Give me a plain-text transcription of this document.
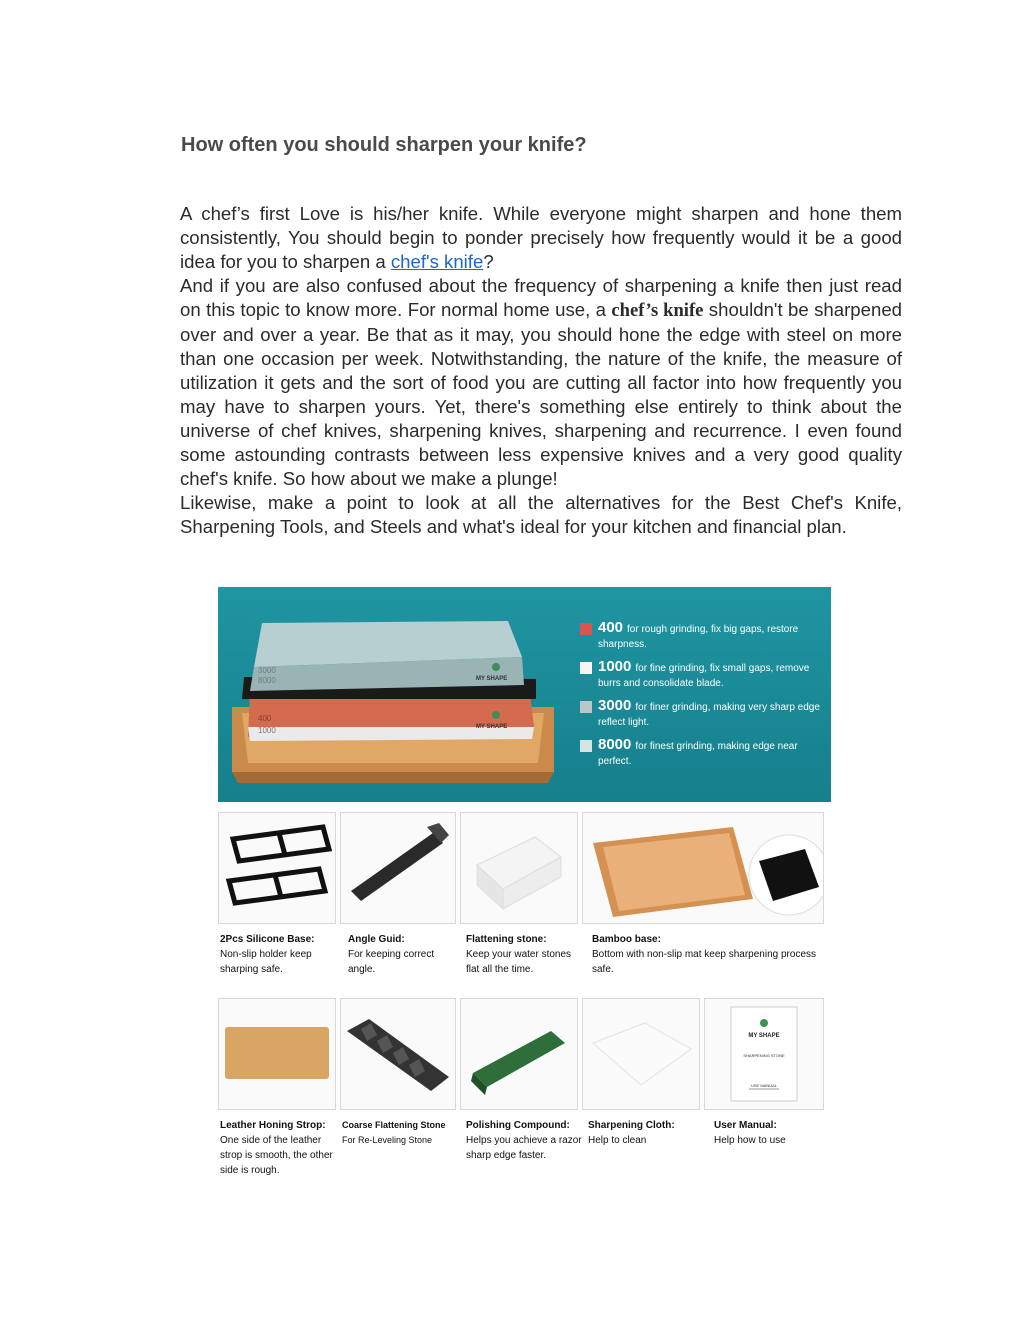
How often you should sharpen your knife?

A chef’s first Love is his/her knife. While everyone might sharpen and hone them consistently, You should begin to ponder precisely how frequently would it be a good idea for you to sharpen a chef's knife?

And if you are also confused about the frequency of sharpening a knife then just read on this topic to know more. For normal home use, a chef’s knife shouldn't be sharpened over and over a year. Be that as it may, you should hone the edge with steel on more than one occasion per week. Notwithstanding, the nature of the knife, the measure of utilization it gets and the sort of food you are cutting all factor into how frequently you may have to sharpen yours. Yet, there's something else entirely to think about the universe of chef knives, sharpening knives, sharpening and recurrence. I even found some astounding contrasts between less expensive knives and a very good quality chef's knife. So how about we make a plunge!

Likewise, make a point to look at all the alternatives for the Best Chef's Knife, Sharpening Tools, and Steels and what's ideal for your kitchen and financial plan.

3000
8000
400
1000
MY SHAPE
MY SHAPE
400 for rough grinding, fix big gaps, restore sharpness.
1000 for fine grinding, fix small gaps, remove burrs and consolidate blade.
3000 for finer grinding, making very sharp edge reflect light.
8000 for finest grinding, making edge near perfect.
2Pcs Silicone Base:
Non-slip holder keep sharping safe.
Angle Guid:
For keeping correct angle.
Flattening stone:
Keep your water stones flat all the time.
Bamboo base:
Bottom with non-slip mat keep sharpening process safe.
MY SHAPE
SHARPENING STONE
USE MANUAL
Leather Honing Strop:
One side of the leather strop is smooth, the other side is rough.
Coarse Flattening Stone
For Re-Leveling Stone
Polishing Compound:
Helps you achieve a razor sharp edge faster.
Sharpening Cloth:
Help to clean
User Manual:
Help how to use
